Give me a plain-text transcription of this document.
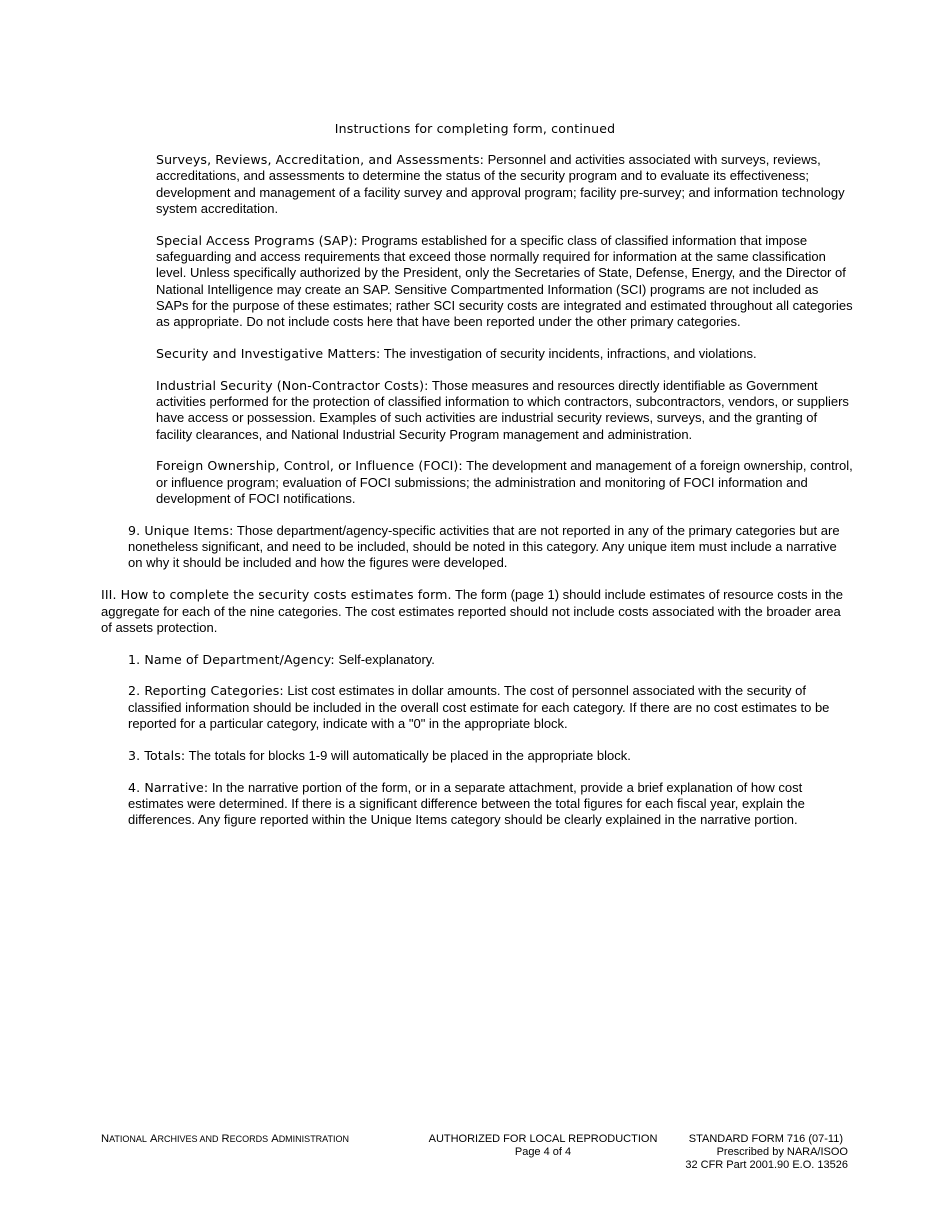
Instructions for completing form, continued

Surveys, Reviews, Accreditation, and Assessments: Personnel and activities associated with surveys, reviews, accreditations, and assessments to determine the status of the security program and to evaluate its effectiveness; development and management of a facility survey and approval program; facility pre-survey; and information technology system accreditation.

Special Access Programs (SAP): Programs established for a specific class of classified information that impose safeguarding and access requirements that exceed those normally required for information at the same classification level. Unless specifically authorized by the President, only the Secretaries of State, Defense, Energy, and the Director of National Intelligence may create an SAP. Sensitive Compartmented Information (SCI) programs are not included as SAPs for the purpose of these estimates; rather SCI security costs are integrated and estimated throughout all categories as appropriate. Do not include costs here that have been reported under the other primary categories.

Security and Investigative Matters: The investigation of security incidents, infractions, and violations.

Industrial Security (Non-Contractor Costs): Those measures and resources directly identifiable as Government activities performed for the protection of classified information to which contractors, subcontractors, vendors, or suppliers have access or possession. Examples of such activities are industrial security reviews, surveys, and the granting of facility clearances, and National Industrial Security Program management and administration.

Foreign Ownership, Control, or Influence (FOCI): The development and management of a foreign ownership, control, or influence program; evaluation of FOCI submissions; the administration and monitoring of FOCI information and development of FOCI notifications.

9. Unique Items: Those department/agency-specific activities that are not reported in any of the primary categories but are nonetheless significant, and need to be included, should be noted in this category. Any unique item must include a narrative on why it should be included and how the figures were developed.

III. How to complete the security costs estimates form. The form (page 1) should include estimates of resource costs in the aggregate for each of the nine categories. The cost estimates reported should not include costs associated with the broader area of assets protection.

1. Name of Department/Agency: Self-explanatory.

2. Reporting Categories: List cost estimates in dollar amounts. The cost of personnel associated with the security of classified information should be included in the overall cost estimate for each category. If there are no cost estimates to be reported for a particular category, indicate with a "0" in the appropriate block.

3. Totals: The totals for blocks 1-9 will automatically be placed in the appropriate block.

4. Narrative: In the narrative portion of the form, or in a separate attachment, provide a brief explanation of how cost estimates were determined. If there is a significant difference between the total figures for each fiscal year, explain the differences. Any figure reported within the Unique Items category should be clearly explained in the narrative portion.

NATIONAL ARCHIVES AND RECORDS ADMINISTRATION	AUTHORIZED FOR LOCAL REPRODUCTION
Page 4 of 4
STANDARD FORM 716 (07-11)
Prescribed by NARA/ISOO
32 CFR Part 2001.90 E.O. 13526
